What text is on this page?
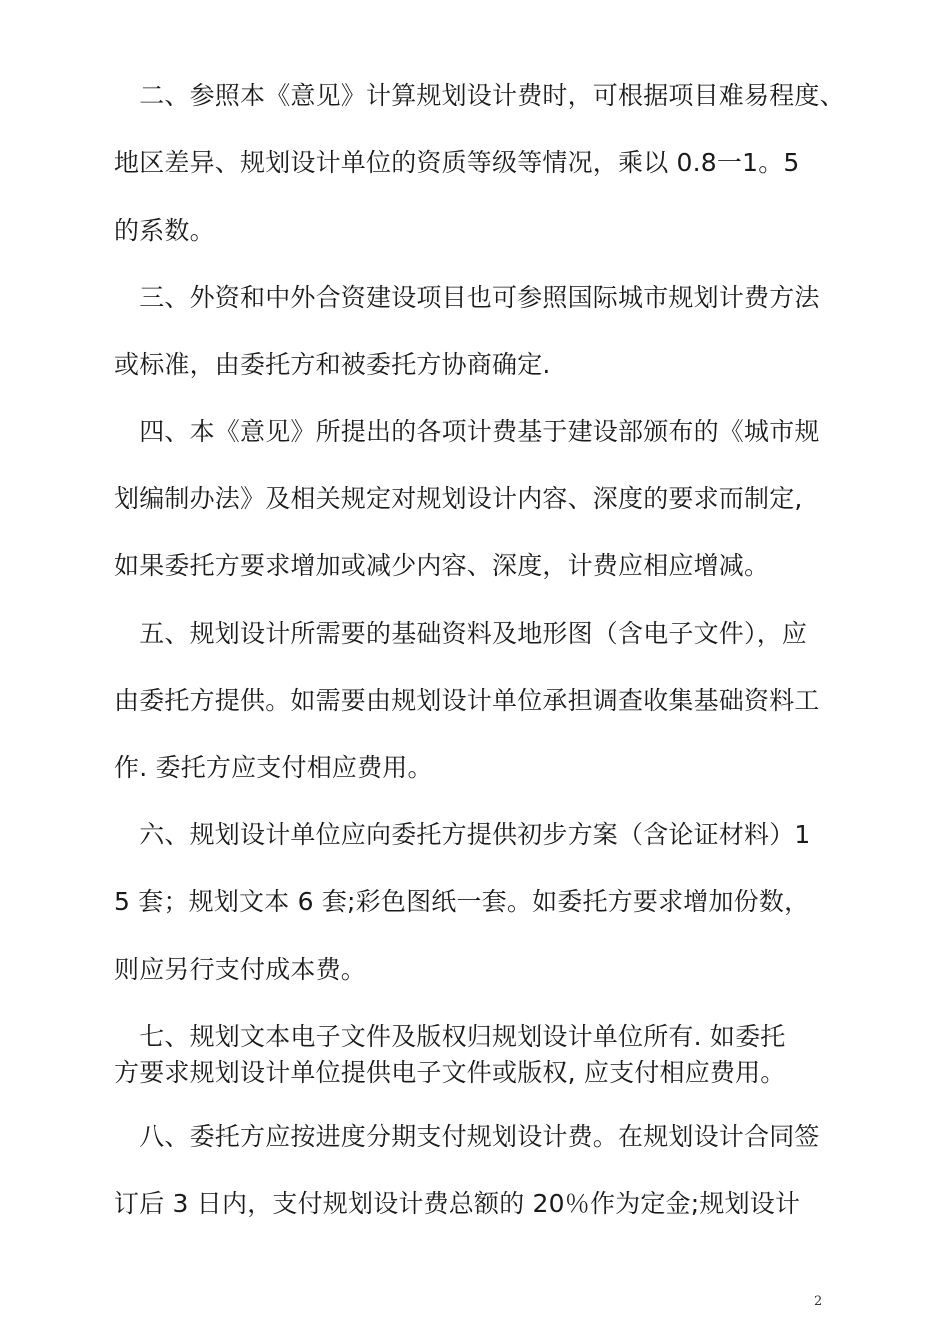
　二、参照本《意见》计算规划设计费时，可根据项目难易程度、
地区差异、规划设计单位的资质等级等情况，乘以 0.8一1。5
的系数。
　三、外资和中外合资建设项目也可参照国际城市规划计费方法
或标准，由委托方和被委托方协商确定.
　四、本《意见》所提出的各项计费基于建设部颁布的《城市规
划编制办法》及相关规定对规划设计内容、深度的要求而制定,
如果委托方要求增加或减少内容、深度，计费应相应增减。
　五、规划设计所需要的基础资料及地形图（含电子文件），应
由委托方提供。如需要由规划设计单位承担调查收集基础资料工
作. 委托方应支付相应费用。
　六、规划设计单位应向委托方提供初步方案（含论证材料）1
5 套；规划文本 6 套;彩色图纸一套。如委托方要求增加份数，
则应另行支付成本费。
　七、规划文本电子文件及版权归规划设计单位所有. 如委托
方要求规划设计单位提供电子文件或版权, 应支付相应费用。
　八、委托方应按进度分期支付规划设计费。在规划设计合同签
订后 3 日内，支付规划设计费总额的 20％作为定金;规划设计
2
